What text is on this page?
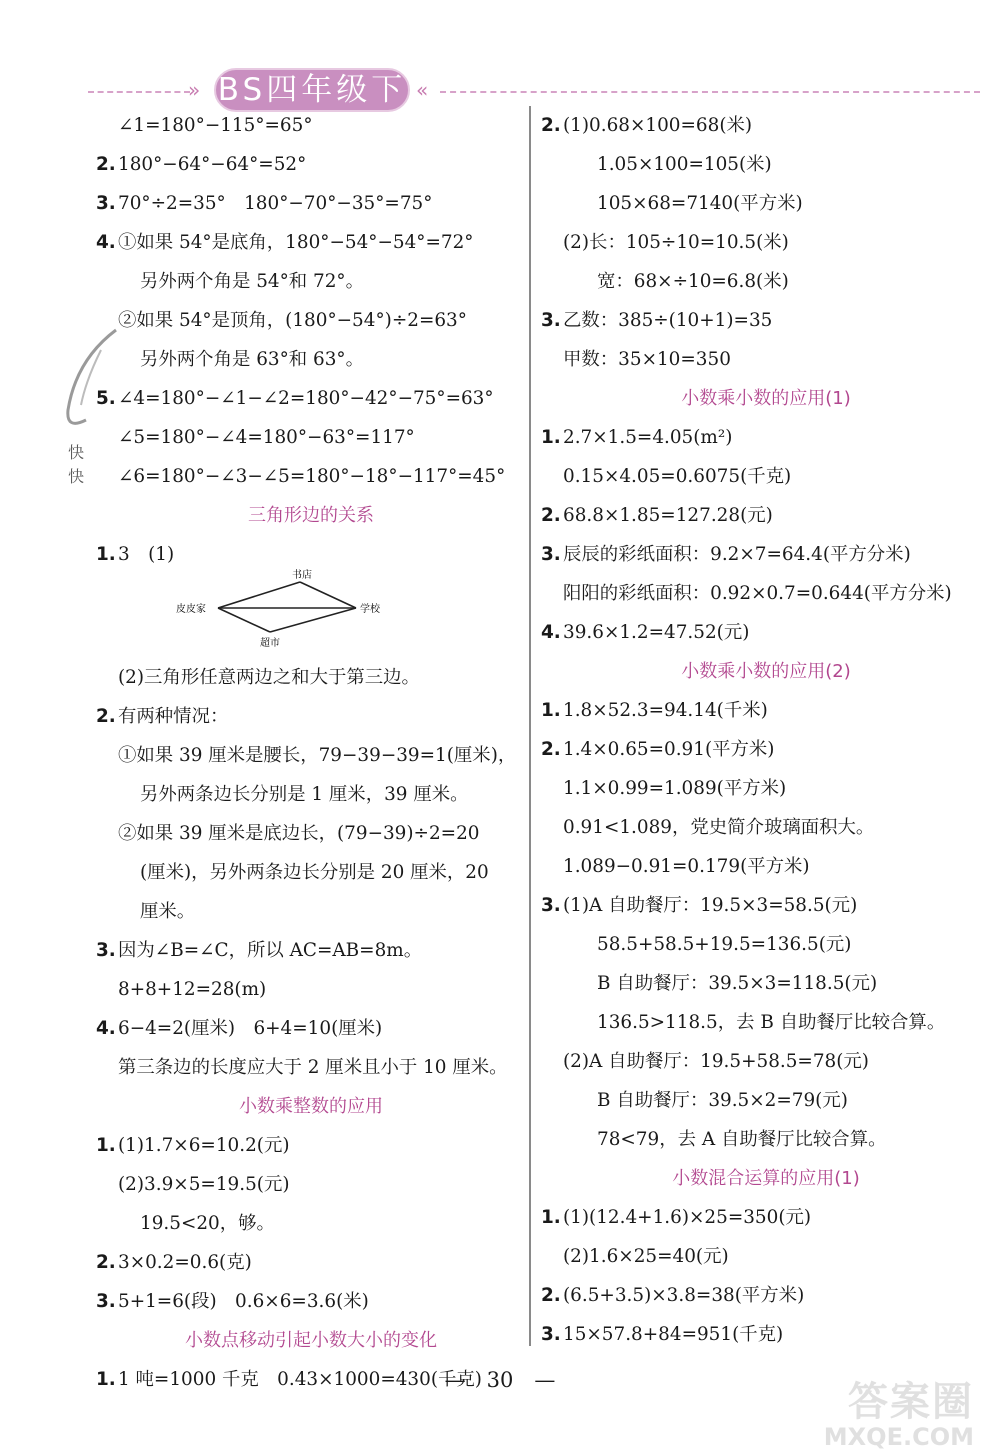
» BS四年级下 «
快
快
∠1=180°−115°=65°
2. 180°−64°−64°=52°
3. 70°÷2=35°　180°−70°−35°=75°
4. ①如果 54°是底角，180°−54°−54°=72°
另外两个角是 54°和 72°。
②如果 54°是顶角，(180°−54°)÷2=63°
另外两个角是 63°和 63°。
5. ∠4=180°−∠1−∠2=180°−42°−75°=63°
∠5=180°−∠4=180°−63°=117°
∠6=180°−∠3−∠5=180°−18°−117°=45°
三角形边的关系
1. 3　(1)
书店
皮皮家	学校
超市
(2)三角形任意两边之和大于第三边。
2. 有两种情况：
①如果 39 厘米是腰长，79−39−39=1(厘米)，
另外两条边长分别是 1 厘米，39 厘米。
②如果 39 厘米是底边长，(79−39)÷2=20
(厘米)，另外两条边长分别是 20 厘米，20
厘米。
3. 因为∠B=∠C，所以 AC=AB=8m。
8+8+12=28(m)
4. 6−4=2(厘米)　6+4=10(厘米)
第三条边的长度应大于 2 厘米且小于 10 厘米。
小数乘整数的应用
1. (1)1.7×6=10.2(元)
(2)3.9×5=19.5(元)
19.5<20，够。
2. 3×0.2=0.6(克)
3. 5+1=6(段)　0.6×6=3.6(米)
小数点移动引起小数大小的变化
1. 1 吨=1000 千克　0.43×1000=430(千克)
2. (1)0.68×100=68(米)
1.05×100=105(米)
105×68=7140(平方米)
(2)长：105÷10=10.5(米)
宽：68×÷10=6.8(米)
3. 乙数：385÷(10+1)=35
甲数：35×10=350
小数乘小数的应用(1)
1. 2.7×1.5=4.05(m²)
0.15×4.05=0.6075(千克)
2. 68.8×1.85=127.28(元)
3. 辰辰的彩纸面积：9.2×7=64.4(平方分米)
阳阳的彩纸面积：0.92×0.7=0.644(平方分米)
4. 39.6×1.2=47.52(元)
小数乘小数的应用(2)
1. 1.8×52.3=94.14(千米)
2. 1.4×0.65=0.91(平方米)
1.1×0.99=1.089(平方米)
0.91<1.089，党史简介玻璃面积大。
1.089−0.91=0.179(平方米)
3. (1)A 自助餐厅：19.5×3=58.5(元)
58.5+58.5+19.5=136.5(元)
B 自助餐厅：39.5×3=118.5(元)
136.5>118.5，去 B 自助餐厅比较合算。
(2)A 自助餐厅：19.5+58.5=78(元)
B 自助餐厅：39.5×2=79(元)
78<79，去 A 自助餐厅比较合算。
小数混合运算的应用(1)
1. (1)(12.4+1.6)×25=350(元)
(2)1.6×25=40(元)
2. (6.5+3.5)×3.8=38(平方米)
3. 15×57.8+84=951(千克)
—　30　—	答案圈
MXQE.COM
